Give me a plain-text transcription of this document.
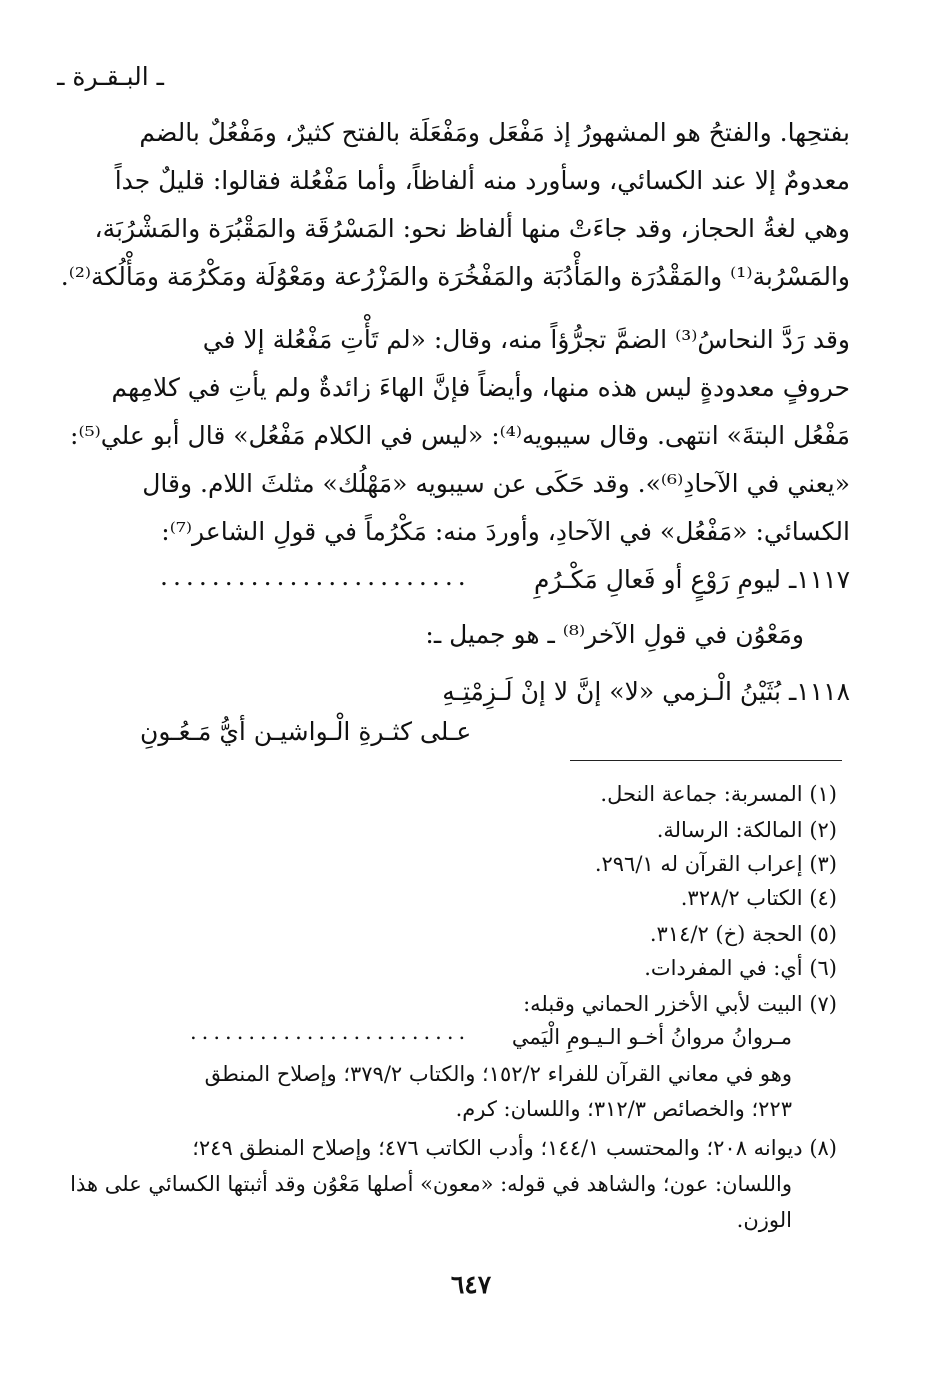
ـ البـقـرة ـ
بفتحِها. والفتحُ هو المشهورُ إذ مَفْعَل ومَفْعَلَة بالفتح كثيرٌ، ومَفْعُلٌ بالضم
معدومٌ إلا عند الكسائي، وسأورد منه ألفاظاً، وأما مَفْعُلة فقالوا: قليلٌ جداً
وهي لغةُ الحجاز، وقد جاءَتْ منها ألفاظ نحو: المَسْرُقَة والمَقْبُرَة والمَشْرُبَة،
والمَسْرُبة⁽¹⁾ والمَقْدُرَة والمَأْدُبَة والمَفْخُرَة والمَزْرُعة ومَعْوُلَة ومَكْرُمَة ومَأْلُكة⁽²⁾.
وقد رَدَّ النحاسُ⁽³⁾ الضمَّ تجرُّؤاً منه، وقال: «لم تَأْتِ مَفْعُلة إلا في
حروفٍ معدودةٍ ليس هذه منها، وأيضاً فإنَّ الهاءَ زائدةٌ ولم يأتِ في كلامِهم
مَفْعُل البتةَ» انتهى. وقال سيبويه⁽⁴⁾: «ليس في الكلام مَفْعُل» قال أبو علي⁽⁵⁾:
«يعني في الآحادِ⁽⁶⁾». وقد حَكَى عن سيبويه «مَهْلُك» مثلثَ اللام. وقال
الكسائي: «مَفْعُل» في الآحادِ، وأوردَ منه: مَكْرُماً في قولِ الشاعر⁽⁷⁾:
١١١٧ـ ليومِ رَوْعٍ أو فَعالِ مَكْـرُمِ
........................
ومَعْوُن في قولِ الآخر⁽⁸⁾ ـ هو جميل ـ:
١١١٨ـ بُثَيْنُ الْـزمي «لا» إنَّ لا إنْ لَـزِمْتِـهِ
عـلى كثـرةِ الْـواشيـن أيُّ مَـعُـونِ
(١) المسربة: جماعة النحل.
(٢) المالكة: الرسالة.
(٣) إعراب القرآن له ٢٩٦/١.
(٤) الكتاب ٣٢٨/٢.
(٥) الحجة (خ) ٣١٤/٢.
(٦) أي: في المفردات.
(٧) البيت لأبي الأخزر الحماني وقبله:
مـروانُ مروانُ أخـو الـيـومِ الْيَمي
........................
وهو في معاني القرآن للفراء ١٥٢/٢؛ والكتاب ٣٧٩/٢؛ وإصلاح المنطق
٢٢٣؛ والخصائص ٣١٢/٣؛ واللسان: كرم.
(٨) ديوانه ٢٠٨؛ والمحتسب ١٤٤/١؛ وأدب الكاتب ٤٧٦؛ وإصلاح المنطق ٢٤٩؛
واللسان: عون؛ والشاهد في قوله: «معون» أصلها مَعْوُن وقد أثبتها الكسائي على هذا
الوزن.
٦٤٧
